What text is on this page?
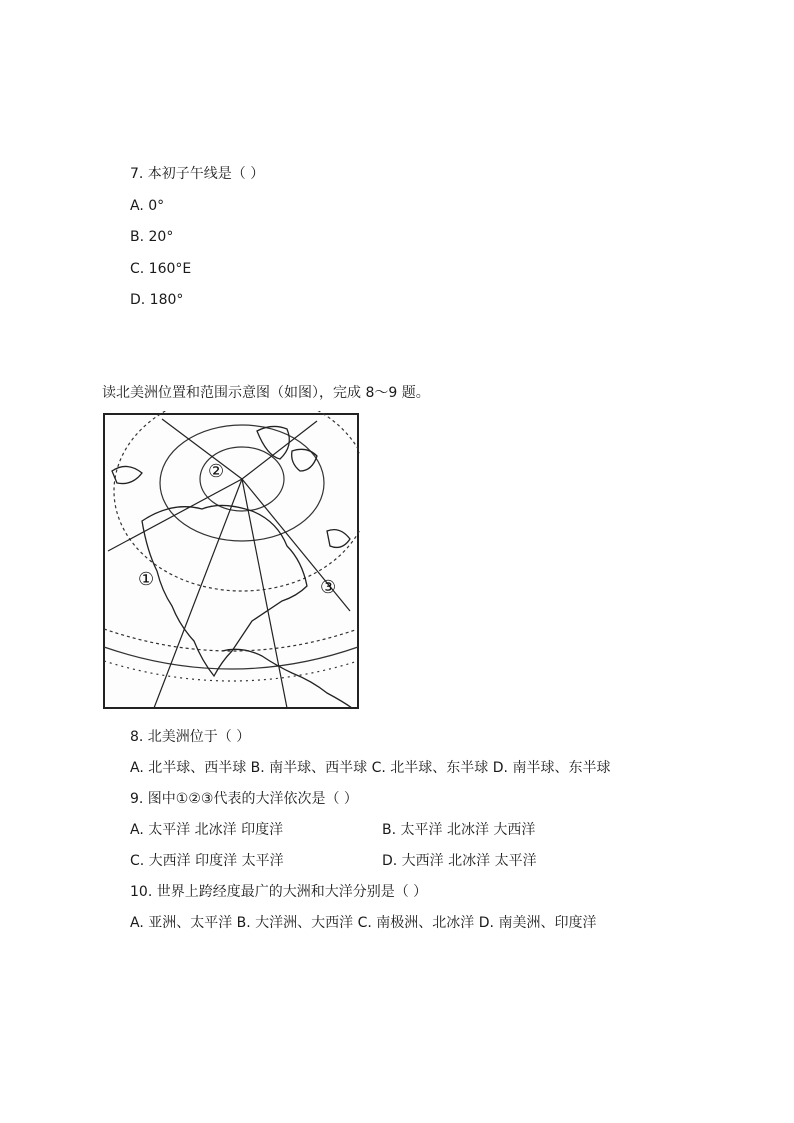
7. 本初子午线是（ ）
A. 0°
B. 20°
C. 160°E
D. 180°
读北美洲位置和范围示意图（如图），完成 8～9 题。
①
②
③
8. 北美洲位于（ ）
A. 北半球、西半球 B. 南半球、西半球 C. 北半球、东半球 D. 南半球、东半球
9. 图中①②③代表的大洋依次是（ ）
A. 太平洋 北冰洋 印度洋	B. 太平洋 北冰洋 大西洋
C. 大西洋 印度洋 太平洋	D. 大西洋 北冰洋 太平洋
10. 世界上跨经度最广的大洲和大洋分别是（ ）
A. 亚洲、太平洋 B. 大洋洲、大西洋 C. 南极洲、北冰洋 D. 南美洲、印度洋
